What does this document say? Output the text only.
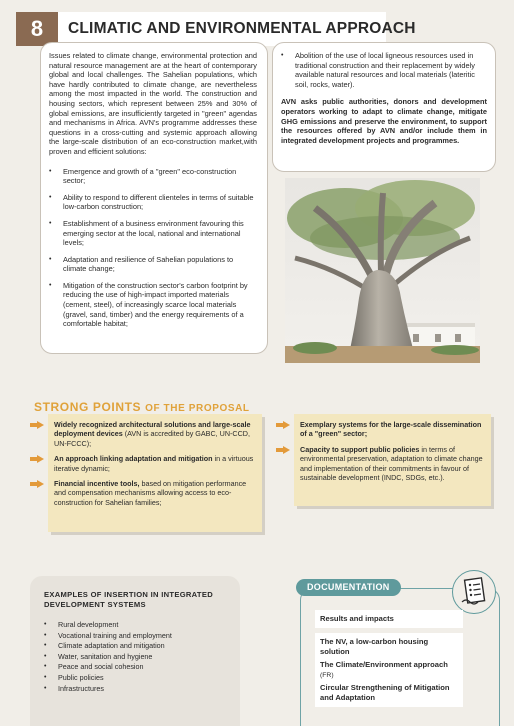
8	CLIMATIC AND ENVIRONMENTAL APPROACH

Issues related to climate change, environmental protection and natural resource management are at the heart of contemporary global and local challenges. The Sahelian populations, which have hardly contributed to climate change, are nevertheless among the most impacted in the world. The construction and housing sectors, which represent between 25% and 30% of global emissions, are insufficiently targeted in "green" agendas and mechanisms in Africa. AVN's programme addresses these questions in a cross-cutting and systemic approach allowing the large-scale distribution of an eco-construction market,with proven and efficient solutions:

• Emergence and growth of a "green" eco-construction sector;
• Ability to respond to different clienteles in terms of suitable low-carbon construction;
• Establishment of a business environment favouring this emerging sector at the local, national and international levels;
• Adaptation and resilience of Sahelian populations to climate change;
• Mitigation of the construction sector's carbon footprint by reducing the use of high-impact imported materials (cement, steel), of increasingly scarce local materials (gravel, sand, timber) and the energy requirements of a comfortable habitat;
• Abolition of the use of local ligneous resources used in traditional construction and their replacement by widely available natural resources and local materials (lateritic soil, rocks, water).

AVN asks public authorities, donors and development operators working to adapt to climate change, mitigate GHG emissions and preserve the environment, to support the resources offered by AVN and/or include them in integrated development projects and programmes.

STRONG POINTS OF THE PROPOSAL
Widely recognized architectural solutions and large-scale deployment devices (AVN is accredited by GABC, UN-CCD, UN-FCCC);
An approach linking adaptation and mitigation in a virtuous iterative dynamic;
Financial incentive tools, based on mitigation performance and compensation mechanisms allowing access to eco-construction for Sahelian families;
Exemplary systems for the large-scale dissemination of a "green" sector;
Capacity to support public policies in terms of environmental preservation, adaptation to climate change and implementation of their commitments in favour of sustainable development (INDC, SDGs, etc.).
EXAMPLES OF INSERTION IN INTEGRATED DEVELOPMENT SYSTEMS
• Rural development
• Vocational training and employment
• Climate adaptation and mitigation
• Water, sanitation and hygiene
• Peace and social cohesion
• Public policies
• Infrastructures
DOCUMENTATION
Results and impacts
The NV, a low-carbon housing solution
The Climate/Environment approach (FR)
Circular Strengthening of Mitigation and Adaptation
